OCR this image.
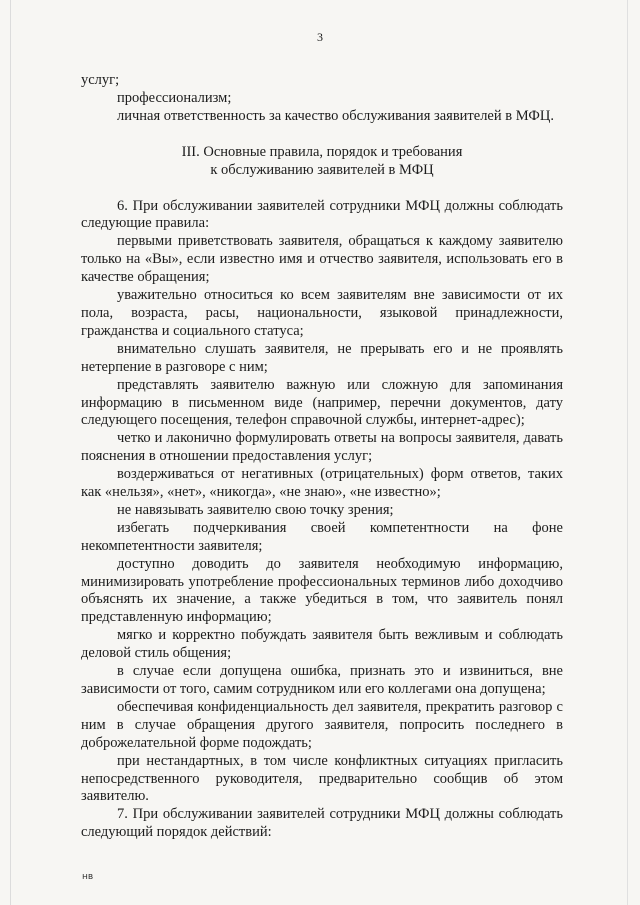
3

услуг;

профессионализм;

личная ответственность за качество обслуживания заявителей в МФЦ.

III. Основные правила, порядок и требования
к обслуживанию заявителей в МФЦ

6. При обслуживании заявителей сотрудники МФЦ должны соблюдать следующие правила:

первыми приветствовать заявителя, обращаться к каждому заявителю только на «Вы», если известно имя и отчество заявителя, использовать его в качестве обращения;

уважительно относиться ко всем заявителям вне зависимости от их пола, возраста, расы, национальности, языковой принадлежности, гражданства и социального статуса;

внимательно слушать заявителя, не прерывать его и не проявлять нетерпение в разговоре с ним;

представлять заявителю важную или сложную для запоминания информацию в письменном виде (например, перечни документов, дату следующего посещения, телефон справочной службы, интернет-адрес);

четко и лаконично формулировать ответы на вопросы заявителя, давать пояснения в отношении предоставления услуг;

воздерживаться от негативных (отрицательных) форм ответов, таких как «нельзя», «нет», «никогда», «не знаю», «не известно»;

не навязывать заявителю свою точку зрения;

избегать подчеркивания своей компетентности на фоне некомпетентности заявителя;

доступно доводить до заявителя необходимую информацию, минимизировать употребление профессиональных терминов либо доходчиво объяснять их значение, а также убедиться в том, что заявитель понял представленную информацию;

мягко и корректно побуждать заявителя быть вежливым и соблюдать деловой стиль общения;

в случае если допущена ошибка, признать это и извиниться, вне зависимости от того, самим сотрудником или его коллегами она допущена;

обеспечивая конфиденциальность дел заявителя, прекратить разговор с ним в случае обращения другого заявителя, попросить последнего в доброжелательной форме подождать;

при нестандартных, в том числе конфликтных ситуациях пригласить непосредственного руководителя, предварительно сообщив об этом заявителю.

7. При обслуживании заявителей сотрудники МФЦ должны соблюдать следующий порядок действий:

нв
